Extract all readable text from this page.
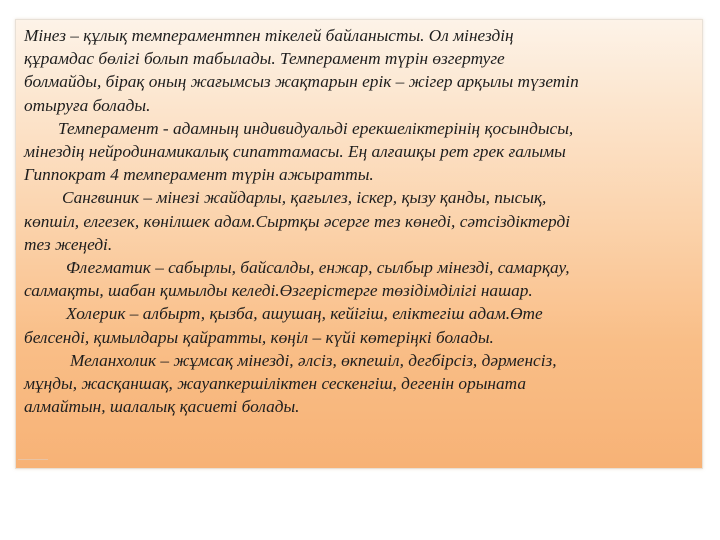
Мінез – құлық темпераментпен тікелей байланысты. Ол мінездің

құрамдас бөлігі болып табылады. Темперамент түрін өзгертуге

болмайды, бірақ оның жағымсыз жақтарын ерік – жігер арқылы түзетіп

отыруға болады.

Темперамент - адамның индивидуальді ерекшеліктерінің қосындысы,

мінездің нейродинамикалық сипаттамасы. Ең алғашқы рет грек ғалымы

Гиппократ 4 темперамент түрін ажыратты.

Сангвиник – мінезі жайдарлы, қағылез, іскер, қызу қанды, пысық,

көпшіл, елгезек, көнілшек адам.Сыртқы әсерге тез көнеді, сәтсіздіктерді

тез жеңеді.

Флегматик – сабырлы, байсалды, енжар, сылбыр мінезді, самарқау,

салмақты, шабан қимылды келеді.Өзгерістерге төзідімділігі нашар.

Холерик – албырт, қызба, ашушаң, кейігіш, еліктегіш адам.Өте

белсенді, қимылдары қайратты, көңіл – күйі көтеріңкі болады.

Меланхолик – жұмсақ мінезді, әлсіз, өкпешіл, дегбірсіз, дәрменсіз,

мұңды, жасқаншақ, жауапкершіліктен сескенгіш, дегенін орыната

алмайтын, шалалық қасиеті болады.
